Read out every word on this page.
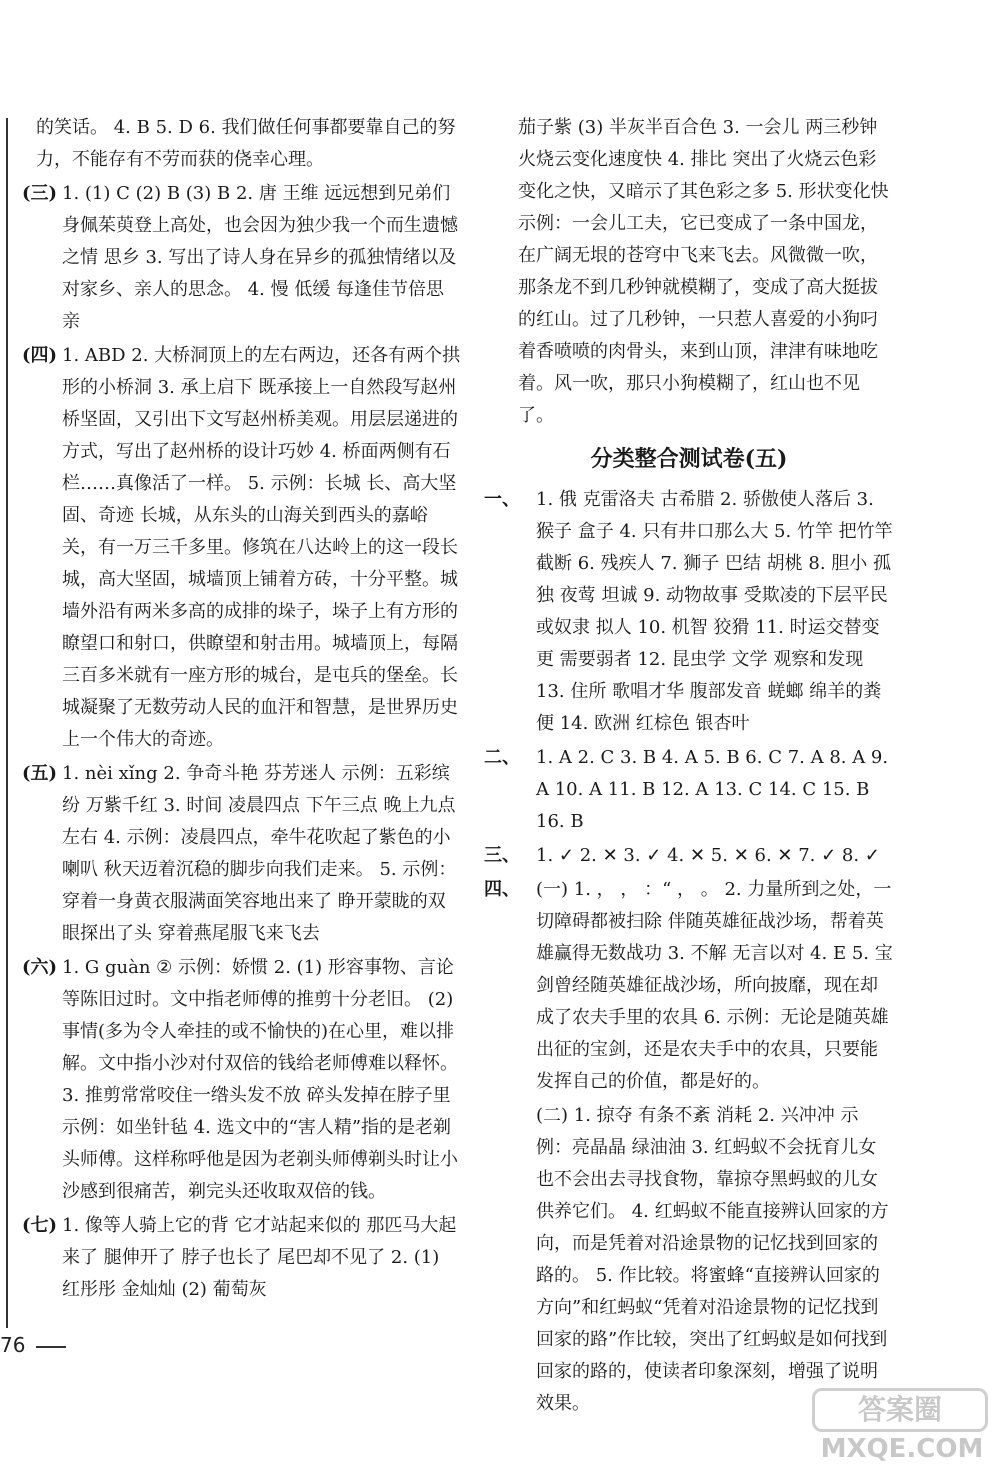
的笑话。 4. B 5. D 6. 我们做任何事都要靠自己的努力，不能存有不劳而获的侥幸心理。
(三) 1. (1) C (2) B (3) B 2. 唐 王维 远远想到兄弟们身佩茱萸登上高处，也会因为独少我一个而生遗憾之情 思乡 3. 写出了诗人身在异乡的孤独情绪以及对家乡、亲人的思念。 4. 慢 低缓 每逢佳节倍思亲
(四) 1. ABD 2. 大桥洞顶上的左右两边，还各有两个拱形的小桥洞 3. 承上启下 既承接上一自然段写赵州桥坚固，又引出下文写赵州桥美观。用层层递进的方式，写出了赵州桥的设计巧妙 4. 桥面两侧有石栏……真像活了一样。 5. 示例：长城 长、高大坚固、奇迹 长城，从东头的山海关到西头的嘉峪关，有一万三千多里。修筑在八达岭上的这一段长城，高大坚固，城墙顶上铺着方砖，十分平整。城墙外沿有两米多高的成排的垛子，垛子上有方形的瞭望口和射口，供瞭望和射击用。城墙顶上，每隔三百多米就有一座方形的城台，是屯兵的堡垒。长城凝聚了无数劳动人民的血汗和智慧，是世界历史上一个伟大的奇迹。
(五) 1. nèi xǐng 2. 争奇斗艳 芬芳迷人 示例：五彩缤纷 万紫千红 3. 时间 凌晨四点 下午三点 晚上九点左右 4. 示例：凌晨四点，牵牛花吹起了紫色的小喇叭 秋天迈着沉稳的脚步向我们走来。 5. 示例：穿着一身黄衣服满面笑容地出来了 睁开蒙眬的双眼探出了头 穿着燕尾服飞来飞去
(六) 1. G guàn ② 示例：娇惯 2. (1) 形容事物、言论等陈旧过时。文中指老师傅的推剪十分老旧。 (2) 事情(多为令人牵挂的或不愉快的)在心里，难以排解。文中指小沙对付双倍的钱给老师傅难以释怀。 3. 推剪常常咬住一绺头发不放 碎头发掉在脖子里 示例：如坐针毡 4. 选文中的“害人精”指的是老剃头师傅。这样称呼他是因为老剃头师傅剃头时让小沙感到很痛苦，剃完头还收取双倍的钱。
(七) 1. 像等人骑上它的背 它才站起来似的 那匹马大起来了 腿伸开了 脖子也长了 尾巴却不见了 2. (1) 红彤彤 金灿灿 (2) 葡萄灰
茄子紫 (3) 半灰半百合色 3. 一会儿 两三秒钟 火烧云变化速度快 4. 排比 突出了火烧云色彩变化之快，又暗示了其色彩之多 5. 形状变化快 示例：一会儿工夫，它已变成了一条中国龙，在广阔无垠的苍穹中飞来飞去。风微微一吹，那条龙不到几秒钟就模糊了，变成了高大挺拔的红山。过了几秒钟，一只惹人喜爱的小狗叼着香喷喷的肉骨头，来到山顶，津津有味地吃着。风一吹，那只小狗模糊了，红山也不见了。
分类整合测试卷(五)
一、 1. 俄 克雷洛夫 古希腊 2. 骄傲使人落后 3. 猴子 盒子 4. 只有井口那么大 5. 竹竿 把竹竿截断 6. 残疾人 7. 狮子 巴结 胡桃 8. 胆小 孤独 夜莺 坦诚 9. 动物故事 受欺凌的下层平民或奴隶 拟人 10. 机智 狡猾 11. 时运交替变更 需要弱者 12. 昆虫学 文学 观察和发现 13. 住所 歌唱才华 腹部发音 蜣螂 绵羊的粪便 14. 欧洲 红棕色 银杏叶
二、 1. A 2. C 3. B 4. A 5. B 6. C 7. A 8. A 9. A 10. A 11. B 12. A 13. C 14. C 15. B 16. B
三、 1. ✓ 2. ✕ 3. ✓ 4. ✕ 5. ✕ 6. ✕ 7. ✓ 8. ✓
四、 (一) 1. ， ， ：“ ， 。 2. 力量所到之处，一切障碍都被扫除 伴随英雄征战沙场，帮着英雄赢得无数战功 3. 不解 无言以对 4. E 5. 宝剑曾经随英雄征战沙场，所向披靡，现在却成了农夫手里的农具 6. 示例：无论是随英雄出征的宝剑，还是农夫手中的农具，只要能发挥自己的价值，都是好的。
(二) 1. 掠夺 有条不紊 消耗 2. 兴冲冲 示例：亮晶晶 绿油油 3. 红蚂蚁不会抚育儿女也不会出去寻找食物，靠掠夺黑蚂蚁的儿女供养它们。 4. 红蚂蚁不能直接辨认回家的方向，而是凭着对沿途景物的记忆找到回家的路的。 5. 作比较。将蜜蜂“直接辨认回家的方向”和红蚂蚁“凭着对沿途景物的记忆找到回家的路”作比较，突出了红蚂蚁是如何找到回家的路的，使读者印象深刻，增强了说明效果。
76
答案圈
MXQE.COM
